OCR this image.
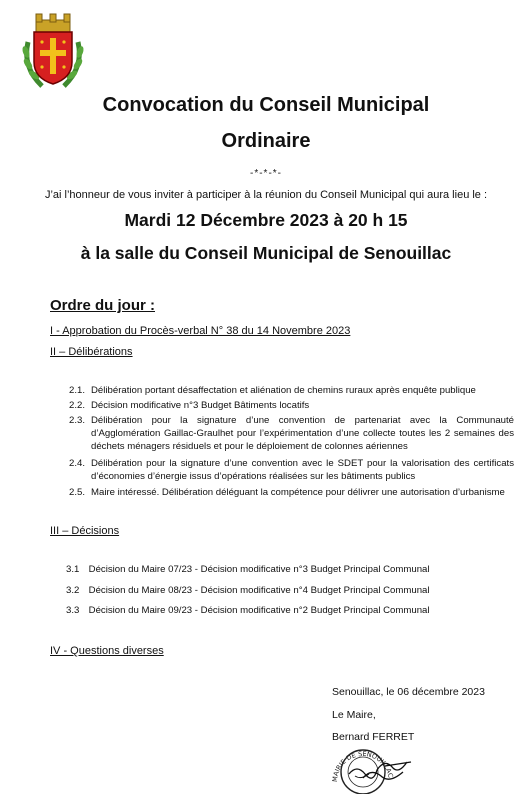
Convocation du Conseil Municipal
Ordinaire
-*-*-*-
J’ai l’honneur de vous inviter à participer à la réunion du Conseil Municipal qui aura lieu le :
Mardi 12 Décembre 2023 à 20 h 15
à la salle du Conseil Municipal de Senouillac
Ordre du jour :
I - Approbation du Procès-verbal N° 38 du 14 Novembre 2023
II – Délibérations
2.1. Délibération portant désaffectation et aliénation de chemins ruraux après enquête publique
2.2. Décision modificative n°3 Budget Bâtiments locatifs
2.3. Délibération pour la signature d’une convention de partenariat avec la Communauté d’Agglomération Gaillac-Graulhet pour l’expérimentation d’une collecte toutes les 2 semaines des déchets ménagers résiduels et pour le déploiement de colonnes aériennes
2.4. Délibération pour la signature d’une convention avec le SDET pour la valorisation des certificats d’économies d’énergie issus d’opérations réalisées sur les bâtiments publics
2.5. Maire intéressé. Délibération déléguant la compétence pour délivrer une autorisation d’urbanisme
III – Décisions
3.1 Décision du Maire 07/23 - Décision modificative n°3 Budget Principal Communal
3.2 Décision du Maire 08/23 - Décision modificative n°4 Budget Principal Communal
3.3 Décision du Maire 09/23 - Décision modificative n°2 Budget Principal Communal
IV - Questions diverses
Senouillac, le 06 décembre 2023
Le Maire,
Bernard FERRET
MAIRIE DE SENOUILLAC
